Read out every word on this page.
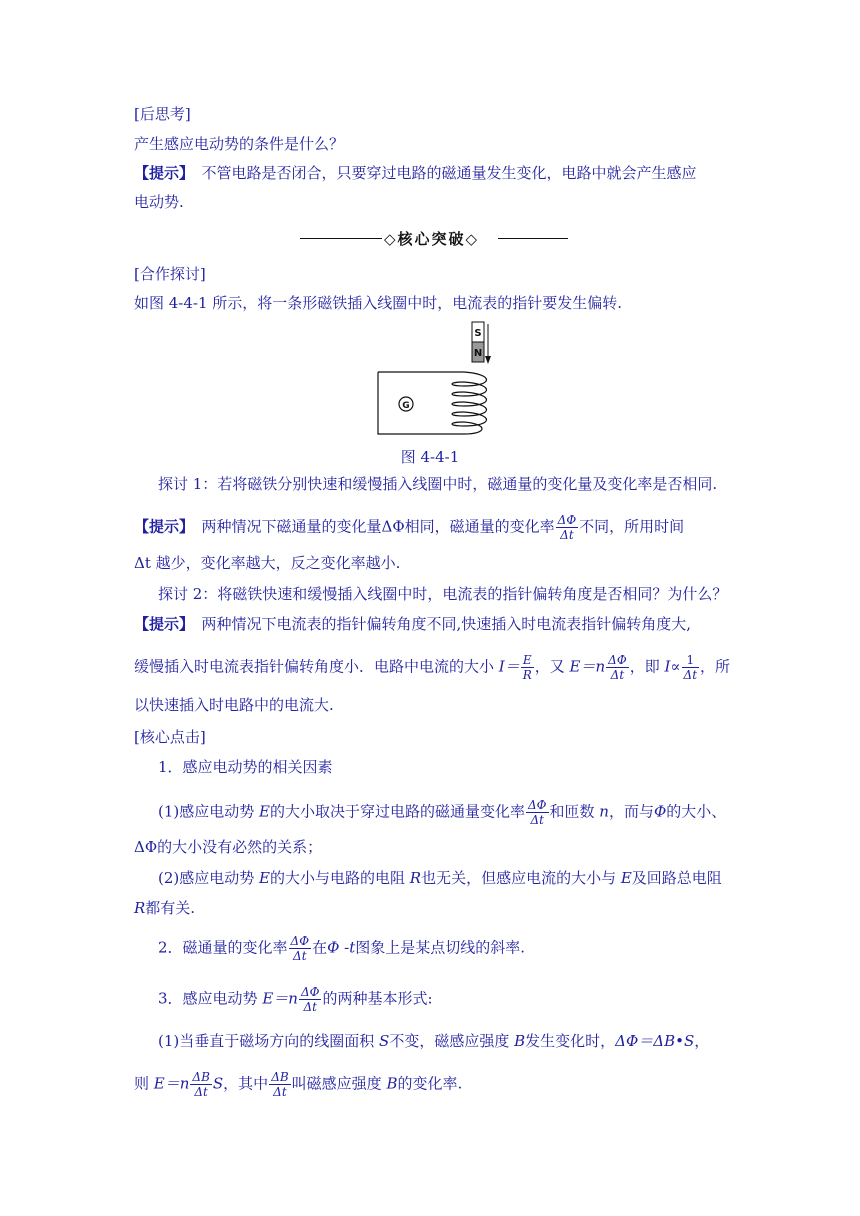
[后思考]
产生感应电动势的条件是什么？
【提示】　不管电路是否闭合，只要穿过电路的磁通量发生变化，电路中就会产生感应
电动势.
◇核心突破◇
[合作探讨]
如图 4-4-1 所示，将一条形磁铁插入线圈中时，电流表的指针要发生偏转.
S
N
G
图 4-4-1
探讨 1：若将磁铁分别快速和缓慢插入线圈中时，磁通量的变化量及变化率是否相同.
【提示】　两种情况下磁通量的变化量ΔΦ相同，磁通量的变化率 $\frac{\Delta\Phi}{\Delta t}$ 不同，所用时间
Δt 越少，变化率越大，反之变化率越小.
探讨 2：将磁铁快速和缓慢插入线圈中时，电流表的指针偏转角度是否相同？为什么？
【提示】　两种情况下电流表的指针偏转角度不同,快速插入时电流表指针偏转角度大,
缓慢插入时电流表指针偏转角度小．电路中电流的大小 $I= \frac{E}{R}$ ，又 $E=n \frac{\Delta\Phi}{\Delta t}$ ，即 $I\propto \frac{1}{\Delta t}$ ，所
以快速插入时电路中的电流大.
[核心点击]
1．感应电动势的相关因素
(1)感应电动势 E的大小取决于穿过电路的磁通量变化率 $\frac{\Delta\Phi}{\Delta t}$ 和匝数 n，而与Φ的大小、
ΔΦ的大小没有必然的关系；
(2)感应电动势 E的大小与电路的电阻 R也无关，但感应电流的大小与 E及回路总电阻
R都有关.
2．磁通量的变化率 $\frac{\Delta\Phi}{\Delta t}$ 在Φ -t图象上是某点切线的斜率.
3．感应电动势 $E=n \frac{\Delta\Phi}{\Delta t}$ 的两种基本形式:
(1)当垂直于磁场方向的线圈面积 S不变，磁感应强度 B发生变化时，ΔΦ＝ΔB•S，
则 $E=n \frac{\Delta B}{\Delta t}$ S，其中 $\frac{\Delta B}{\Delta t}$ 叫磁感应强度 B的变化率.
